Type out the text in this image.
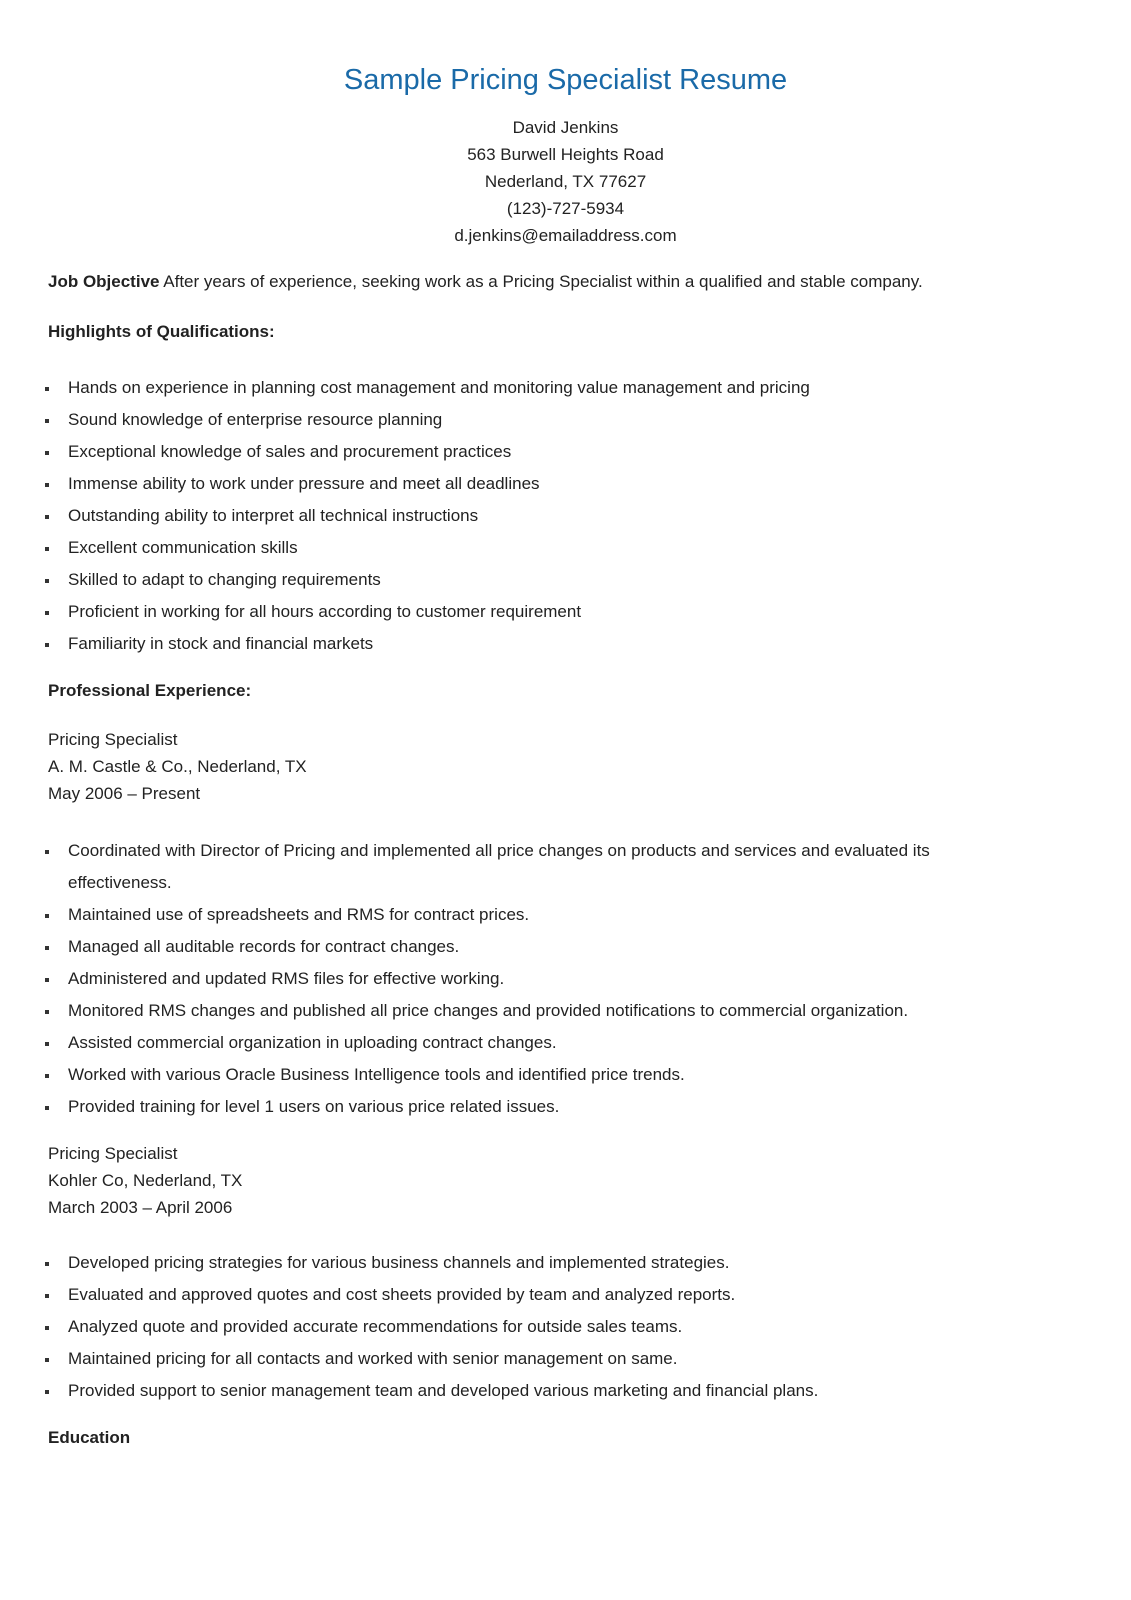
Sample Pricing Specialist Resume
David Jenkins
563 Burwell Heights Road
Nederland, TX 77627
(123)-727-5934
d.jenkins@emailaddress.com
Job Objective After years of experience, seeking work as a Pricing Specialist within a qualified and stable company.
Highlights of Qualifications:
Hands on experience in planning cost management and monitoring value management and pricing
Sound knowledge of enterprise resource planning
Exceptional knowledge of sales and procurement practices
Immense ability to work under pressure and meet all deadlines
Outstanding ability to interpret all technical instructions
Excellent communication skills
Skilled to adapt to changing requirements
Proficient in working for all hours according to customer requirement
Familiarity in stock and financial markets
Professional Experience:
Pricing Specialist
A. M. Castle & Co., Nederland, TX
May 2006 – Present
Coordinated with Director of Pricing and implemented all price changes on products and services and evaluated its effectiveness.
Maintained use of spreadsheets and RMS for contract prices.
Managed all auditable records for contract changes.
Administered and updated RMS files for effective working.
Monitored RMS changes and published all price changes and provided notifications to commercial organization.
Assisted commercial organization in uploading contract changes.
Worked with various Oracle Business Intelligence tools and identified price trends.
Provided training for level 1 users on various price related issues.
Pricing Specialist
Kohler Co, Nederland, TX
March 2003 – April 2006
Developed pricing strategies for various business channels and implemented strategies.
Evaluated and approved quotes and cost sheets provided by team and analyzed reports.
Analyzed quote and provided accurate recommendations for outside sales teams.
Maintained pricing for all contacts and worked with senior management on same.
Provided support to senior management team and developed various marketing and financial plans.
Education
